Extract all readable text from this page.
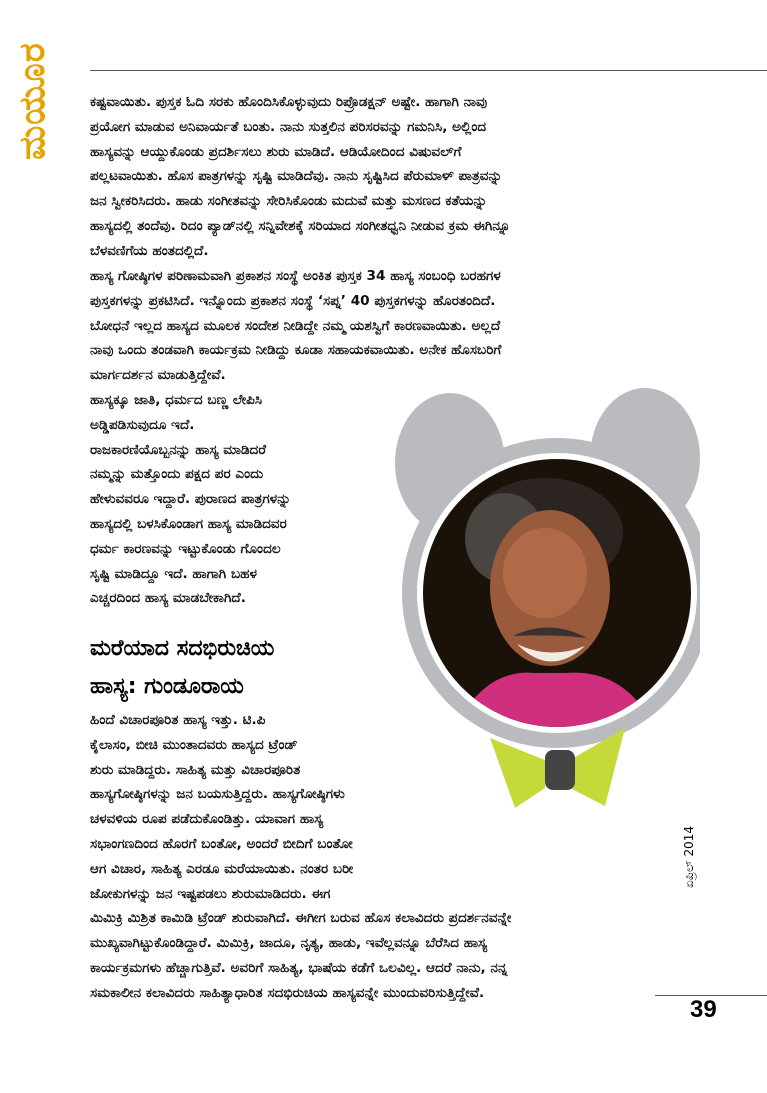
ಕಷ್ಟವಾಯಿತು. ಪುಸ್ತಕ ಓದಿ ಸರಕು ಹೊಂದಿಸಿಕೊಳ್ಳುವುದು ರಿಪ್ರೊಡಕ್ಷನ್ ಅಷ್ಟೇ. ಹಾಗಾಗಿ ನಾವು
ಪ್ರಯೋಗ ಮಾಡುವ ಅನಿವಾರ್ಯತೆ ಬಂತು. ನಾನು ಸುತ್ತಲಿನ ಪರಿಸರವನ್ನು ಗಮನಿಸಿ, ಅಲ್ಲಿಂದ
ಹಾಸ್ಯವನ್ನು ಆಯ್ದುಕೊಂಡು ಪ್ರದರ್ಶಿಸಲು ಶುರು ಮಾಡಿದೆ. ಆಡಿಯೋದಿಂದ ವಿಷುವಲ್‌ಗೆ
ಪಲ್ಲಟವಾಯಿತು. ಹೊಸ ಪಾತ್ರಗಳನ್ನು ಸೃಷ್ಟಿ ಮಾಡಿದೆವು. ನಾನು ಸೃಷ್ಟಿಸಿದ ಪೆರುಮಾಳ್ ಪಾತ್ರವನ್ನು
ಜನ ಸ್ವೀಕರಿಸಿದರು. ಹಾಡು ಸಂಗೀತವನ್ನು ಸೇರಿಸಿಕೊಂಡು ಮದುವೆ ಮತ್ತು ಮಸಣದ ಕತೆಯನ್ನು
ಹಾಸ್ಯದಲ್ಲಿ ತಂದೆವು. ರಿದಂ ಪ್ಯಾಡ್‌ನಲ್ಲಿ ಸನ್ನಿವೇಶಕ್ಕೆ ಸರಿಯಾದ ಸಂಗೀತಧ್ವನಿ ನೀಡುವ ಕ್ರಮ ಈಗಿನ್ನೂ
ಬೆಳವಣಿಗೆಯ ಹಂತದಲ್ಲಿದೆ.

ಹಾಸ್ಯ ಗೋಷ್ಠಿಗಳ ಪರಿಣಾಮವಾಗಿ ಪ್ರಕಾಶನ ಸಂಸ್ಥೆ ಅಂಕಿತ ಪುಸ್ತಕ 34 ಹಾಸ್ಯ ಸಂಬಂಧಿ ಬರಹಗಳ
ಪುಸ್ತಕಗಳನ್ನು ಪ್ರಕಟಿಸಿದೆ. ಇನ್ನೊಂದು ಪ್ರಕಾಶನ ಸಂಸ್ಥೆ ‘ಸಪ್ನ’ 40 ಪುಸ್ತಕಗಳನ್ನು ಹೊರತಂದಿದೆ.
ಬೋಧನೆ ಇಲ್ಲದ ಹಾಸ್ಯದ ಮೂಲಕ ಸಂದೇಶ ನೀಡಿದ್ದೇ ನಮ್ಮ ಯಶಸ್ವಿಗೆ ಕಾರಣವಾಯಿತು. ಅಲ್ಲದೆ
ನಾವು ಒಂದು ತಂಡವಾಗಿ ಕಾರ್ಯಕ್ರಮ ನೀಡಿದ್ದು ಕೂಡಾ ಸಹಾಯಕವಾಯಿತು. ಅನೇಕ ಹೊಸಬರಿಗೆ
ಮಾರ್ಗದರ್ಶನ ಮಾಡುತ್ತಿದ್ದೇವೆ.

ಹಾಸ್ಯಕ್ಕೂ ಜಾತಿ, ಧರ್ಮದ ಬಣ್ಣ ಲೇಪಿಸಿ
ಅಡ್ಡಿಪಡಿಸುವುದೂ ಇದೆ.
ರಾಜಕಾರಣಿಯೊಬ್ಬನನ್ನು ಹಾಸ್ಯ ಮಾಡಿದರೆ
ನಮ್ಮನ್ನು ಮತ್ತೊಂದು ಪಕ್ಷದ ಪರ ಎಂದು
ಹೇಳುವವರೂ ಇದ್ದಾರೆ. ಪುರಾಣದ ಪಾತ್ರಗಳನ್ನು
ಹಾಸ್ಯದಲ್ಲಿ ಬಳಸಿಕೊಂಡಾಗ ಹಾಸ್ಯ ಮಾಡಿದವರ
ಧರ್ಮ ಕಾರಣವನ್ನು ಇಟ್ಟುಕೊಂಡು ಗೊಂದಲ
ಸೃಷ್ಟಿ ಮಾಡಿದ್ದೂ ಇದೆ. ಹಾಗಾಗಿ ಬಹಳ
ಎಚ್ಚರದಿಂದ ಹಾಸ್ಯ ಮಾಡಬೇಕಾಗಿದೆ.

ಮರೆಯಾದ ಸದಭಿರುಚಿಯ
ಹಾಸ್ಯ: ಗುಂಡೂರಾಯ

ಹಿಂದೆ ವಿಚಾರಪೂರಿತ ಹಾಸ್ಯ ಇತ್ತು. ಟಿ.ಪಿ
ಕೈಲಾಸಂ, ಬೀಚಿ ಮುಂತಾದವರು ಹಾಸ್ಯದ ಟ್ರೆಂಡ್
ಶುರು ಮಾಡಿದ್ದರು. ಸಾಹಿತ್ಯ ಮತ್ತು ವಿಚಾರಪೂರಿತ
ಹಾಸ್ಯಗೋಷ್ಠಿಗಳನ್ನು ಜನ ಬಯಸುತ್ತಿದ್ದರು. ಹಾಸ್ಯಗೋಷ್ಠಿಗಳು
ಚಳವಳಿಯ ರೂಪ ಪಡೆದುಕೊಂಡಿತ್ತು. ಯಾವಾಗ ಹಾಸ್ಯ
ಸಭಾಂಗಣದಿಂದ ಹೊರಗೆ ಬಂತೋ, ಅಂದರೆ ಬೀದಿಗೆ ಬಂತೋ
ಆಗ ವಿಚಾರ, ಸಾಹಿತ್ಯ ಎರಡೂ ಮರೆಯಾಯಿತು. ನಂತರ ಬರೀ
ಜೋಕುಗಳನ್ನು ಜನ ಇಷ್ಟಪಡಲು ಶುರುಮಾಡಿದರು. ಈಗ
ಮಿಮಿಕ್ರಿ ಮಿಶ್ರಿತ ಕಾಮಿಡಿ ಟ್ರೆಂಡ್ ಶುರುವಾಗಿದೆ. ಈಗೀಗ ಬರುವ ಹೊಸ ಕಲಾವಿದರು ಪ್ರದರ್ಶನವನ್ನೇ
ಮುಖ್ಯವಾಗಿಟ್ಟುಕೊಂಡಿದ್ದಾರೆ. ಮಿಮಿಕ್ರಿ, ಜಾದೂ, ನೃತ್ಯ, ಹಾಡು, ಇವೆಲ್ಲವನ್ನೂ ಬೆರೆಸಿದ ಹಾಸ್ಯ
ಕಾರ್ಯಕ್ರಮಗಳು ಹೆಚ್ಚಾಗುತ್ತಿವೆ. ಅವರಿಗೆ ಸಾಹಿತ್ಯ, ಭಾಷೆಯ ಕಡೆಗೆ ಒಲವಿಲ್ಲ. ಆದರೆ ನಾನು, ನನ್ನ
ಸಮಕಾಲೀನ ಕಲಾವಿದರು ಸಾಹಿತ್ಯಾಧಾರಿತ ಸದಭಿರುಚಿಯ ಹಾಸ್ಯವನ್ನೇ ಮುಂದುವರಿಸುತ್ತಿದ್ದೇವೆ.

ಮಯೂರ
ಏಪ್ರಿಲ್ 2014
39
